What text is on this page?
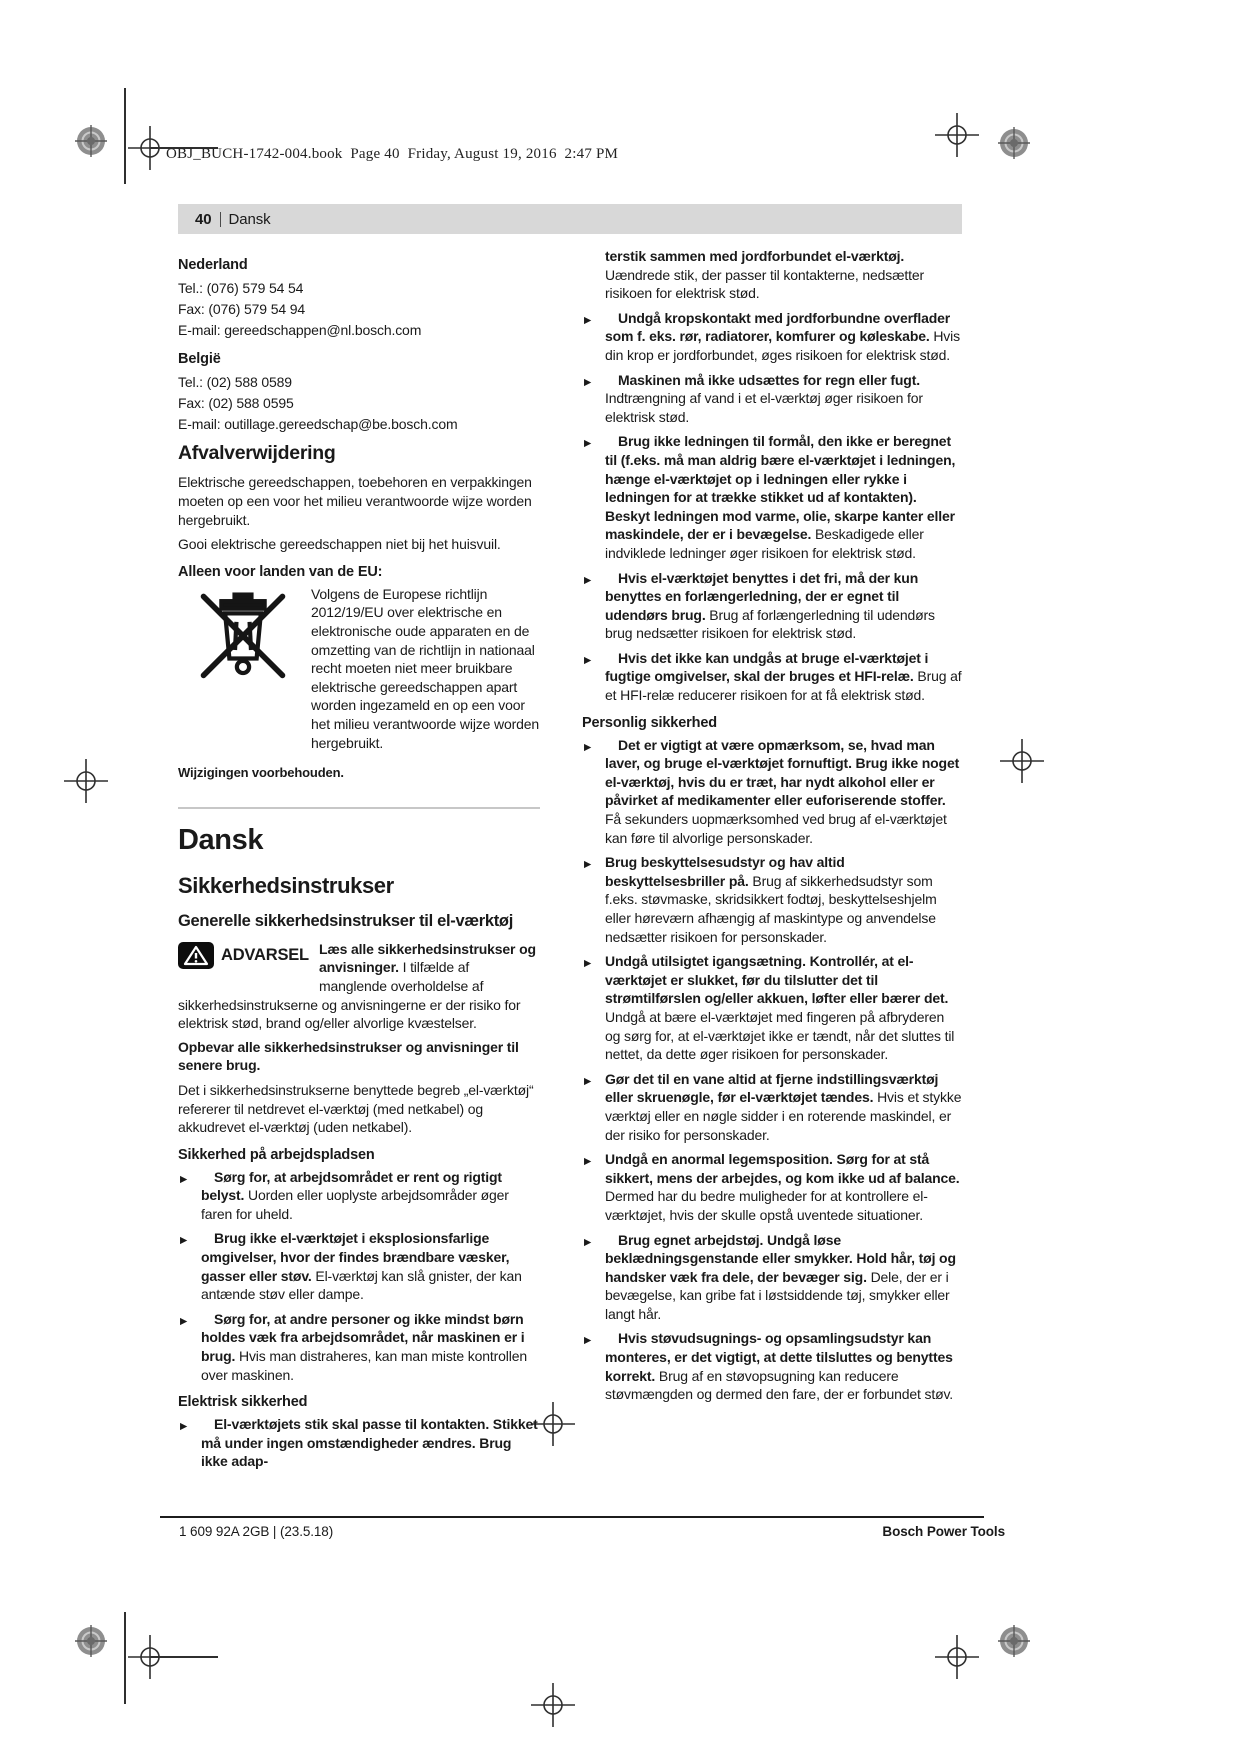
OBJ_BUCH-1742-004.book  Page 40  Friday, August 19, 2016  2:47 PM
40 Dansk
Nederland
Tel.: (076) 579 54 54
Fax: (076) 579 54 94
E-mail: gereedschappen@nl.bosch.com
België
Tel.: (02) 588 0589
Fax: (02) 588 0595
E-mail: outillage.gereedschap@be.bosch.com
Afvalverwijdering
Elektrische gereedschappen, toebehoren en verpakkingen moeten op een voor het milieu verantwoorde wijze worden hergebruikt.
Gooi elektrische gereedschappen niet bij het huisvuil.
Alleen voor landen van de EU:
Volgens de Europese richtlijn 2012/19/EU over elektrische en elektronische oude apparaten en de omzetting van de richtlijn in nationaal recht moeten niet meer bruikbare elektrische gereedschappen apart worden ingezameld en op een voor het milieu verantwoorde wijze worden hergebruikt.
Wijzigingen voorbehouden.
Dansk
Sikkerhedsinstrukser
Generelle sikkerhedsinstrukser til el-værktøj
ADVARSEL Læs alle sikkerhedsinstrukser og anvisninger. I tilfælde af manglende overholdelse af sikkerhedsinstrukserne og anvisningerne er der risiko for elektrisk stød, brand og/eller alvorlige kvæstelser.
Opbevar alle sikkerhedsinstrukser og anvisninger til senere brug.
Det i sikkerhedsinstrukserne benyttede begreb „el-værktøj“ refererer til netdrevet el-værktøj (med netkabel) og akkudrevet el-værktøj (uden netkabel).
Sikkerhed på arbejdspladsen
▶ Sørg for, at arbejdsområdet er rent og rigtigt belyst. Uorden eller uoplyste arbejdsområder øger faren for uheld.
▶ Brug ikke el-værktøjet i eksplosionsfarlige omgivelser, hvor der findes brændbare væsker, gasser eller støv. El-værktøj kan slå gnister, der kan antænde støv eller dampe.
▶ Sørg for, at andre personer og ikke mindst børn holdes væk fra arbejdsområdet, når maskinen er i brug. Hvis man distraheres, kan man miste kontrollen over maskinen.
Elektrisk sikkerhed
▶ El-værktøjets stik skal passe til kontakten. Stikket må under ingen omstændigheder ændres. Brug ikke adap-
terstik sammen med jordforbundet el-værktøj. Uændrede stik, der passer til kontakterne, nedsætter risikoen for elektrisk stød.
▶ Undgå kropskontakt med jordforbundne overflader som f. eks. rør, radiatorer, komfurer og køleskabe. Hvis din krop er jordforbundet, øges risikoen for elektrisk stød.
▶ Maskinen må ikke udsættes for regn eller fugt. Indtrængning af vand i et el-værktøj øger risikoen for elektrisk stød.
▶ Brug ikke ledningen til formål, den ikke er beregnet til (f.eks. må man aldrig bære el-værktøjet i ledningen, hænge el-værktøjet op i ledningen eller rykke i ledningen for at trække stikket ud af kontakten). Beskyt ledningen mod varme, olie, skarpe kanter eller maskindele, der er i bevægelse. Beskadigede eller indviklede ledninger øger risikoen for elektrisk stød.
▶ Hvis el-værktøjet benyttes i det fri, må der kun benyttes en forlængerledning, der er egnet til udendørs brug. Brug af forlængerledning til udendørs brug nedsætter risikoen for elektrisk stød.
▶ Hvis det ikke kan undgås at bruge el-værktøjet i fugtige omgivelser, skal der bruges et HFI-relæ. Brug af et HFI-relæ reducerer risikoen for at få elektrisk stød.
Personlig sikkerhed
▶ Det er vigtigt at være opmærksom, se, hvad man laver, og bruge el-værktøjet fornuftigt. Brug ikke noget el-værktøj, hvis du er træt, har nydt alkohol eller er påvirket af medikamenter eller euforiserende stoffer. Få sekunders uopmærksomhed ved brug af el-værktøjet kan føre til alvorlige personskader.
▶ Brug beskyttelsesudstyr og hav altid beskyttelsesbriller på. Brug af sikkerhedsudstyr som f.eks. støvmaske, skridsikkert fodtøj, beskyttelseshjelm eller høreværn afhængig af maskintype og anvendelse nedsætter risikoen for personskader.
▶ Undgå utilsigtet igangsætning. Kontrollér, at el-værktøjet er slukket, før du tilslutter det til strømtilførslen og/eller akkuen, løfter eller bærer det. Undgå at bære el-værktøjet med fingeren på afbryderen og sørg for, at el-værktøjet ikke er tændt, når det sluttes til nettet, da dette øger risikoen for personskader.
▶ Gør det til en vane altid at fjerne indstillingsværktøj eller skruenøgle, før el-værktøjet tændes. Hvis et stykke værktøj eller en nøgle sidder i en roterende maskindel, er der risiko for personskader.
▶ Undgå en anormal legemsposition. Sørg for at stå sikkert, mens der arbejdes, og kom ikke ud af balance. Dermed har du bedre muligheder for at kontrollere el-værktøjet, hvis der skulle opstå uventede situationer.
▶ Brug egnet arbejdstøj. Undgå løse beklædningsgenstande eller smykker. Hold hår, tøj og handsker væk fra dele, der bevæger sig. Dele, der er i bevægelse, kan gribe fat i løstsiddende tøj, smykker eller langt hår.
▶ Hvis støvudsugnings- og opsamlingsudstyr kan monteres, er det vigtigt, at dette tilsluttes og benyttes korrekt. Brug af en støvopsugning kan reducere støvmængden og dermed den fare, der er forbundet støv.
1 609 92A 2GB | (23.5.18)	Bosch Power Tools
